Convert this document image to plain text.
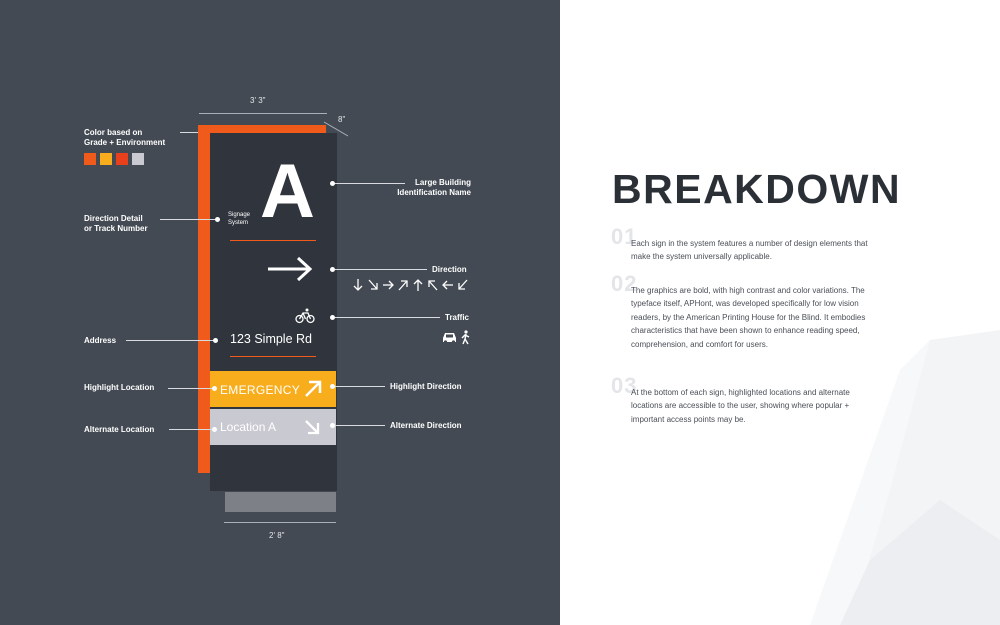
3' 3"
8"
Color based on
Grade + Environment
A
Signage
System
123 Simple Rd
EMERGENCY
Location A
2' 8"
Direction Detail
or Track Number
Address
Highlight Location
Alternate Location
Large Building
Identification Name
Direction
Traffic
Highlight Direction
Alternate Direction
BREAKDOWN
01
Each sign in the system features a number of design elements that make the system universally applicable.
02
The graphics are bold, with high contrast and color variations. The typeface itself, APHont, was developed specifically for low vision readers, by the American Printing House for the Blind. It embodies characteristics that have been shown to enhance reading speed, comprehension, and comfort for users.
03
At the bottom of each sign, highlighted locations and alternate locations are accessible to the user, showing where popular + important access points may be.
